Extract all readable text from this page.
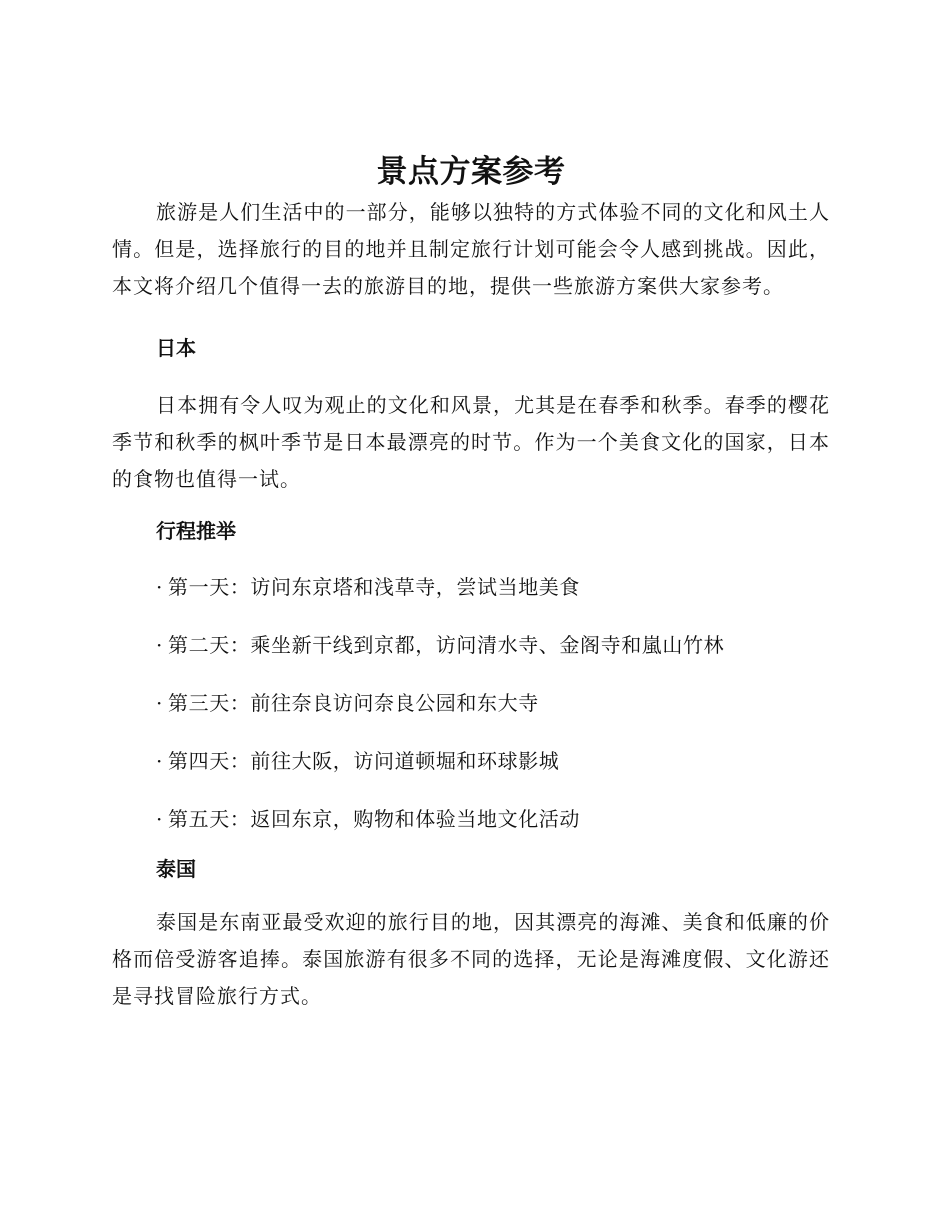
景点方案参考

旅游是人们生活中的一部分，能够以独特的方式体验不同的文化和风土人情。但是，选择旅行的目的地并且制定旅行计划可能会令人感到挑战。因此，本文将介绍几个值得一去的旅游目的地，提供一些旅游方案供大家参考。

日本

日本拥有令人叹为观止的文化和风景，尤其是在春季和秋季。春季的樱花季节和秋季的枫叶季节是日本最漂亮的时节。作为一个美食文化的国家，日本的食物也值得一试。

行程推举
· 第一天：访问东京塔和浅草寺，尝试当地美食
· 第二天：乘坐新干线到京都，访问清水寺、金阁寺和嵐山竹林
· 第三天：前往奈良访问奈良公园和东大寺
· 第四天：前往大阪，访问道顿堀和环球影城
· 第五天：返回东京，购物和体验当地文化活动
泰国

泰国是东南亚最受欢迎的旅行目的地，因其漂亮的海滩、美食和低廉的价格而倍受游客追捧。泰国旅游有很多不同的选择，无论是海滩度假、文化游还是寻找冒险旅行方式。
